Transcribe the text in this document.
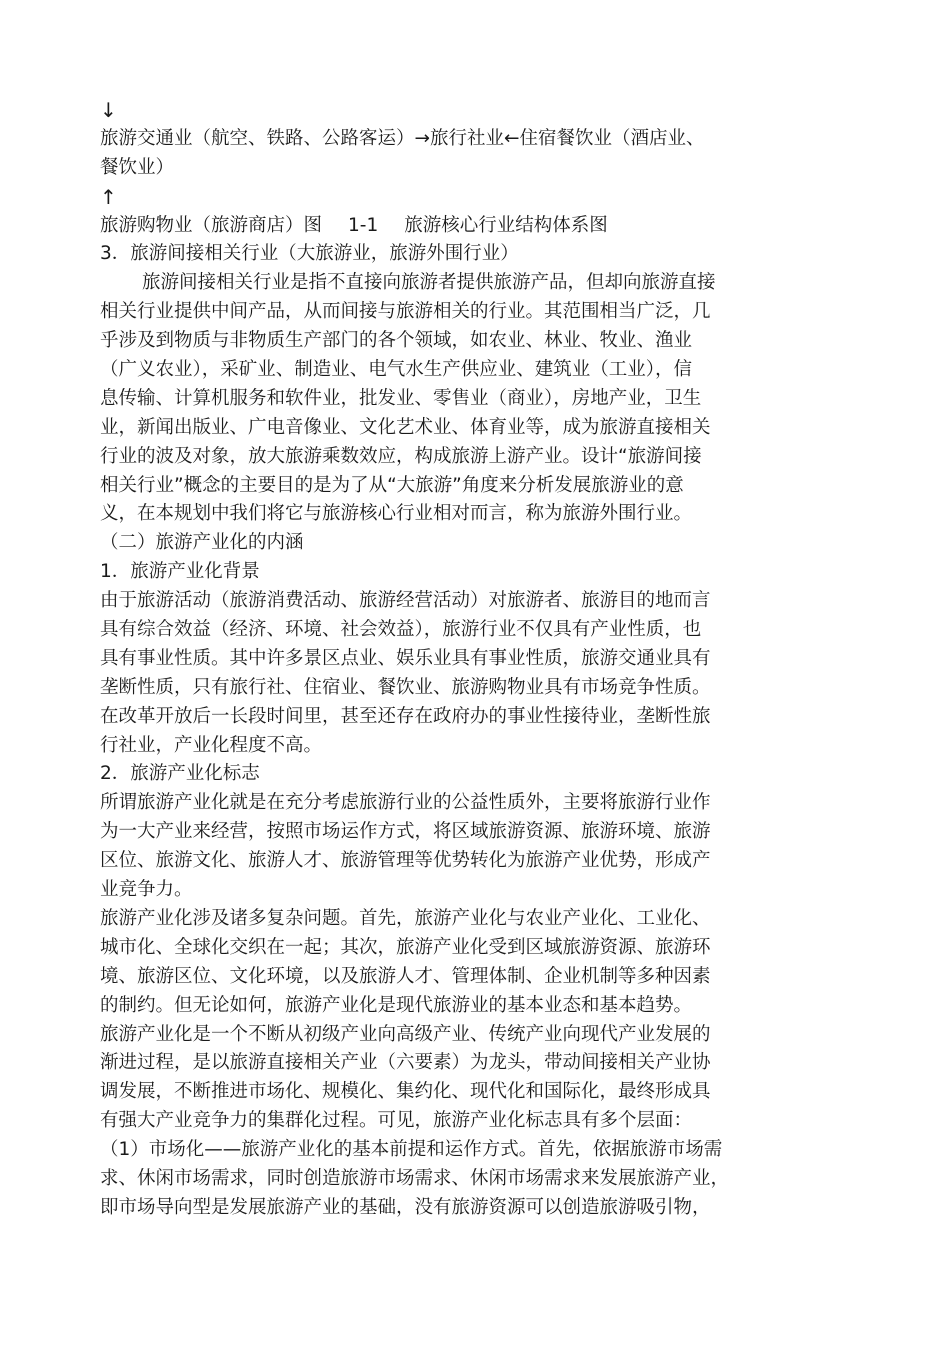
↓
旅游交通业（航空、铁路、公路客运）→旅行社业←住宿餐饮业（酒店业、
餐饮业）
↑
旅游购物业（旅游商店）图 1-1 旅游核心行业结构体系图
3．旅游间接相关行业（大旅游业，旅游外围行业）
旅游间接相关行业是指不直接向旅游者提供旅游产品，但却向旅游直接
相关行业提供中间产品，从而间接与旅游相关的行业。其范围相当广泛，几
乎涉及到物质与非物质生产部门的各个领域，如农业、林业、牧业、渔业
（广义农业），采矿业、制造业、电气水生产供应业、建筑业（工业），信
息传输、计算机服务和软件业，批发业、零售业（商业），房地产业，卫生
业，新闻出版业、广电音像业、文化艺术业、体育业等，成为旅游直接相关
行业的波及对象，放大旅游乘数效应，构成旅游上游产业。设计“旅游间接
相关行业”概念的主要目的是为了从“大旅游”角度来分析发展旅游业的意
义，在本规划中我们将它与旅游核心行业相对而言，称为旅游外围行业。
（二）旅游产业化的内涵
1．旅游产业化背景
由于旅游活动（旅游消费活动、旅游经营活动）对旅游者、旅游目的地而言
具有综合效益（经济、环境、社会效益），旅游行业不仅具有产业性质，也
具有事业性质。其中许多景区点业、娱乐业具有事业性质，旅游交通业具有
垄断性质，只有旅行社、住宿业、餐饮业、旅游购物业具有市场竞争性质。
在改革开放后一长段时间里，甚至还存在政府办的事业性接待业，垄断性旅
行社业，产业化程度不高。
2．旅游产业化标志
所谓旅游产业化就是在充分考虑旅游行业的公益性质外，主要将旅游行业作
为一大产业来经营，按照市场运作方式，将区域旅游资源、旅游环境、旅游
区位、旅游文化、旅游人才、旅游管理等优势转化为旅游产业优势，形成产
业竞争力。
旅游产业化涉及诸多复杂问题。首先，旅游产业化与农业产业化、工业化、
城市化、全球化交织在一起；其次，旅游产业化受到区域旅游资源、旅游环
境、旅游区位、文化环境，以及旅游人才、管理体制、企业机制等多种因素
的制约。但无论如何，旅游产业化是现代旅游业的基本业态和基本趋势。
旅游产业化是一个不断从初级产业向高级产业、传统产业向现代产业发展的
渐进过程，是以旅游直接相关产业（六要素）为龙头，带动间接相关产业协
调发展，不断推进市场化、规模化、集约化、现代化和国际化，最终形成具
有强大产业竞争力的集群化过程。可见，旅游产业化标志具有多个层面：
（1）市场化——旅游产业化的基本前提和运作方式。首先，依据旅游市场需
求、休闲市场需求，同时创造旅游市场需求、休闲市场需求来发展旅游产业，
即市场导向型是发展旅游产业的基础，没有旅游资源可以创造旅游吸引物，
